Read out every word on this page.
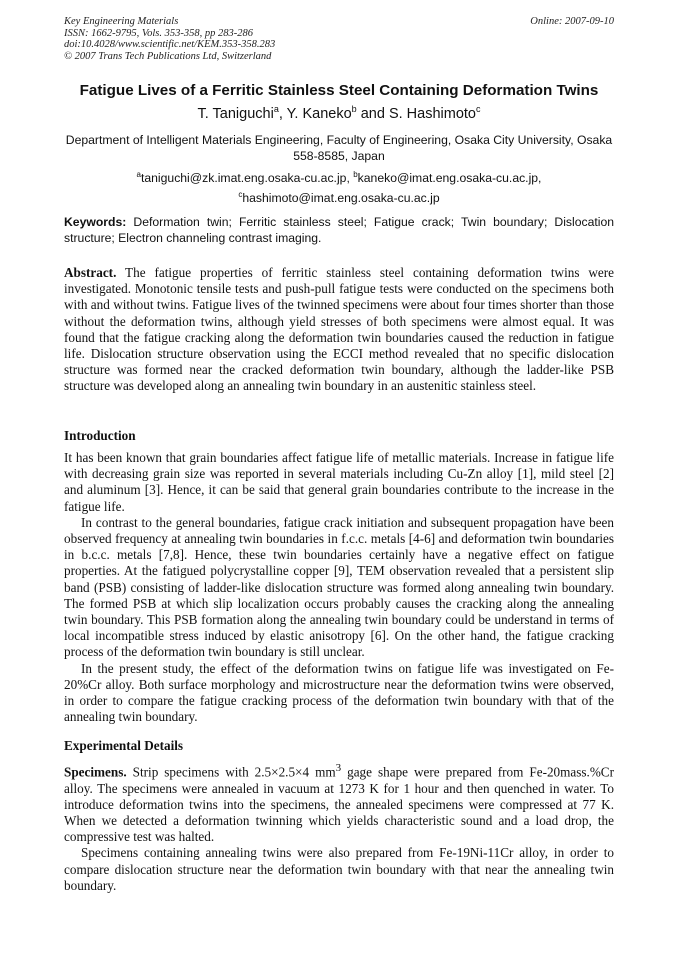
Key Engineering Materials
ISSN: 1662-9795, Vols. 353-358, pp 283-286
doi:10.4028/www.scientific.net/KEM.353-358.283
© 2007 Trans Tech Publications Ltd, Switzerland
Online: 2007-09-10
Fatigue Lives of a Ferritic Stainless Steel Containing Deformation Twins
T. Taniguchi$^a$, Y. Kaneko$^b$ and S. Hashimoto$^c$
Department of Intelligent Materials Engineering, Faculty of Engineering, Osaka City University, Osaka 558-8585, Japan
$^a$taniguchi@zk.imat.eng.osaka-cu.ac.jp, $^b$kaneko@imat.eng.osaka-cu.ac.jp,
$^c$hashimoto@imat.eng.osaka-cu.ac.jp
Keywords: Deformation twin; Ferritic stainless steel; Fatigue crack; Twin boundary; Dislocation structure; Electron channeling contrast imaging.

Abstract. The fatigue properties of ferritic stainless steel containing deformation twins were investigated. Monotonic tensile tests and push-pull fatigue tests were conducted on the specimens both with and without twins. Fatigue lives of the twinned specimens were about four times shorter than those without the deformation twins, although yield stresses of both specimens were almost equal. It was found that the fatigue cracking along the deformation twin boundaries caused the reduction in fatigue life. Dislocation structure observation using the ECCI method revealed that no specific dislocation structure was formed near the cracked deformation twin boundary, although the ladder-like PSB structure was developed along an annealing twin boundary in an austenitic stainless steel.

Introduction

It has been known that grain boundaries affect fatigue life of metallic materials. Increase in fatigue life with decreasing grain size was reported in several materials including Cu-Zn alloy [1], mild steel [2] and aluminum [3]. Hence, it can be said that general grain boundaries contribute to the increase in the fatigue life.

In contrast to the general boundaries, fatigue crack initiation and subsequent propagation have been observed frequency at annealing twin boundaries in f.c.c. metals [4-6] and deformation twin boundaries in b.c.c. metals [7,8]. Hence, these twin boundaries certainly have a negative effect on fatigue properties. At the fatigued polycrystalline copper [9], TEM observation revealed that a persistent slip band (PSB) consisting of ladder-like dislocation structure was formed along annealing twin boundary. The formed PSB at which slip localization occurs probably causes the cracking along the annealing twin boundary. This PSB formation along the annealing twin boundary could be understand in terms of local incompatible stress induced by elastic anisotropy [6]. On the other hand, the fatigue cracking process of the deformation twin boundary is still unclear.

In the present study, the effect of the deformation twins on fatigue life was investigated on Fe-20%Cr alloy. Both surface morphology and microstructure near the deformation twins were observed, in order to compare the fatigue cracking process of the deformation twin boundary with that of the annealing twin boundary.

Experimental Details

Specimens. Strip specimens with 2.5×2.5×4 $mm^3$ gage shape were prepared from Fe-20mass.%Cr alloy. The specimens were annealed in vacuum at 1273 K for 1 hour and then quenched in water. To introduce deformation twins into the specimens, the annealed specimens were compressed at 77 K. When we detected a deformation twinning which yields characteristic sound and a load drop, the compressive test was halted.

Specimens containing annealing twins were also prepared from Fe-19Ni-11Cr alloy, in order to compare dislocation structure near the deformation twin boundary with that near the annealing twin boundary.
